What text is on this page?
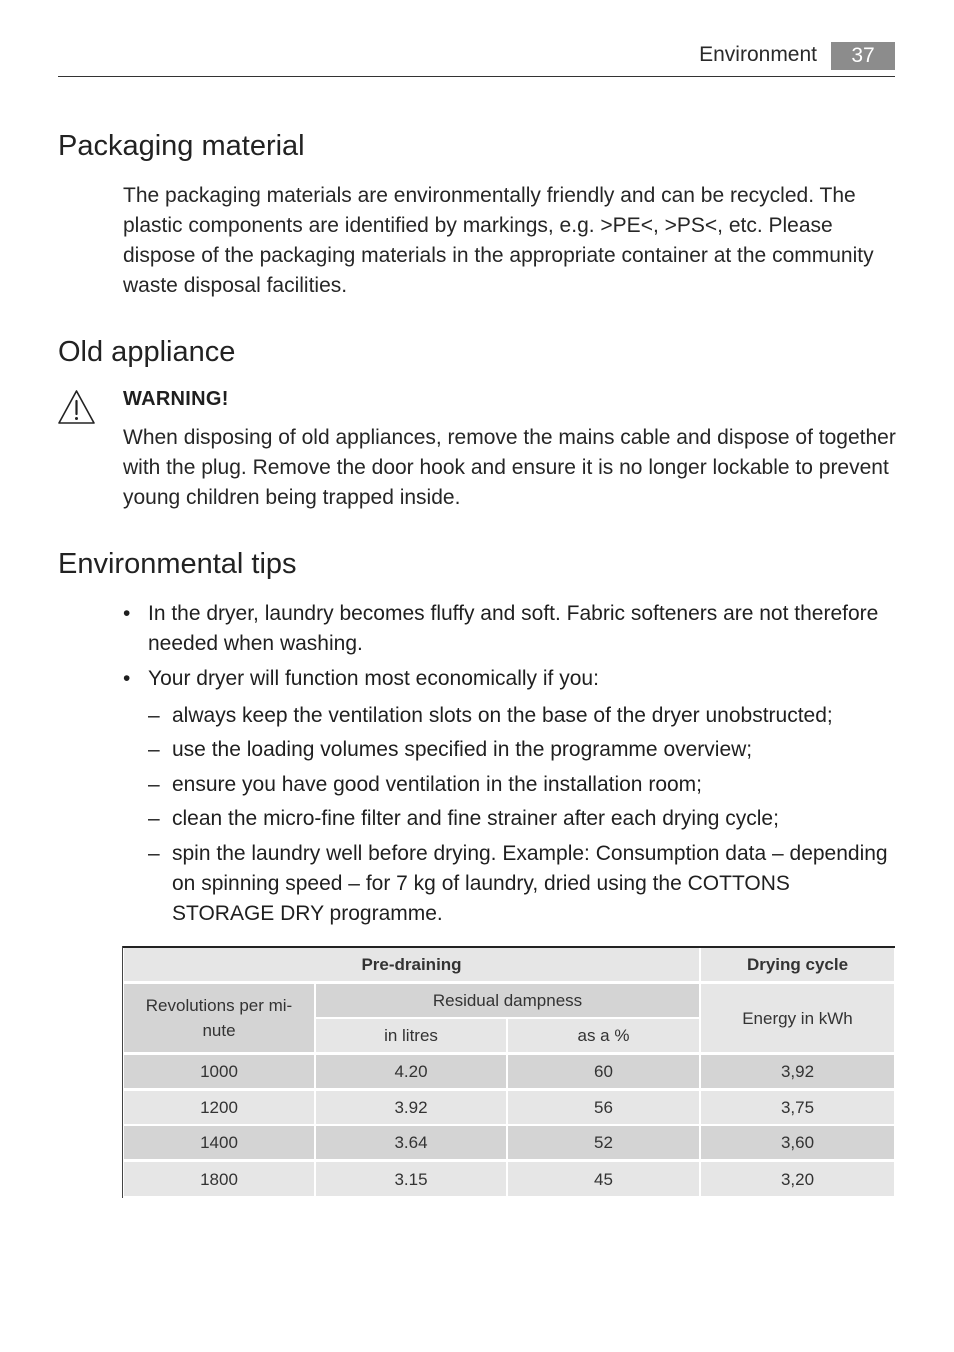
Environment	37
Packaging material

The packaging materials are environmentally friendly and can be recycled. The plastic components are identified by markings, e.g. >PE<, >PS<, etc. Please dispose of the packaging materials in the appropriate container at the community waste disposal facilities.

Old appliance
WARNING!

When disposing of old appliances, remove the mains cable and dispose of together with the plug. Remove the door hook and ensure it is no longer lockable to prevent young children being trapped inside.

Environmental tips
• In the dryer, laundry becomes fluffy and soft. Fabric softeners are not therefore needed when washing.
• Your dryer will function most economically if you:
– always keep the ventilation slots on the base of the dryer unobstructed;
– use the loading volumes specified in the programme overview;
– ensure you have good ventilation in the installation room;
– clean the micro-fine filter and fine strainer after each drying cycle;
– spin the laundry well before drying. Example: Consumption data – depending on spinning speed – for 7 kg of laundry, dried using the COTTONS STORAGE DRY programme.
Pre-draining	Drying cycle
Revolutions per mi-nute
Residual dampness
in litres	as a %
Energy in kWh
1000	4.20	60	3,92
1200	3.92	56	3,75
1400	3.64	52	3,60
1800	3.15	45	3,20
